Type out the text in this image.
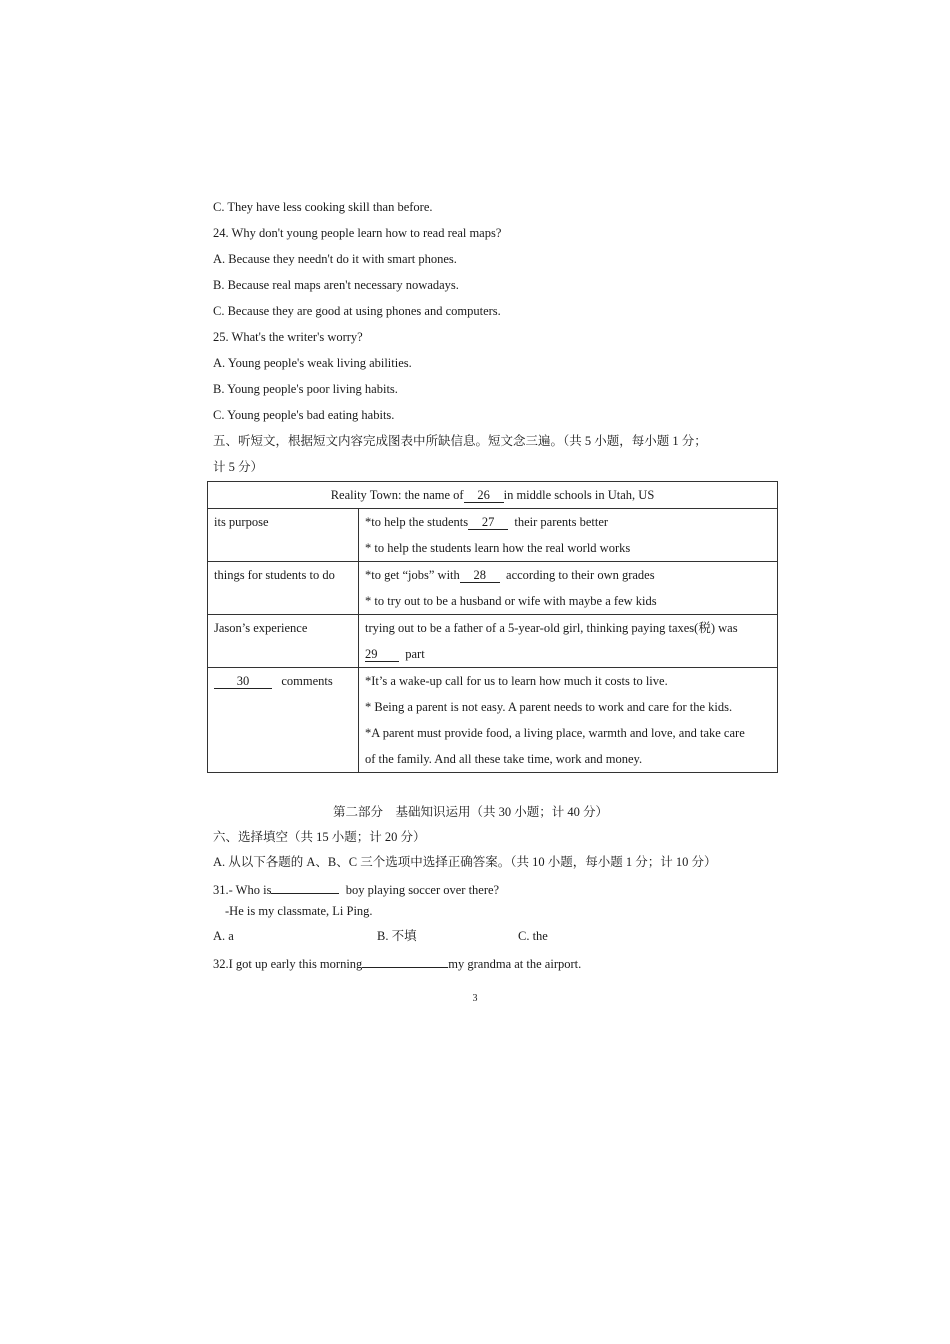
C. They have less cooking skill than before.
24. Why don't young people learn how to read real maps?
A. Because they needn't do it with smart phones.
B. Because real maps aren't necessary nowadays.
C. Because they are good at using phones and computers.
25. What's the writer's worry?
A. Young people's weak living abilities.
B. Young people's poor living habits.
C. Young people's bad eating habits.
五、听短文，根据短文内容完成图表中所缺信息。短文念三遍。（共 5 小题，每小题 1 分；
计 5 分）
Reality Town: the name of 26 in middle schools in Utah, US	
its purpose	*to help the students 27 their parents better
* to help the students learn how the real world works

things for students to do	*to get “jobs” with 28 according to their own grades
* to try out to be a husband or wife with maybe a few kids

Jason’s experience	trying out to be a father of a 5-year-old girl, thinking paying taxes(税) was
29 part

30 comments	*It’s a wake-up call for us to learn how much it costs to live.
* Being a parent is not easy. A parent needs to work and care for the kids.
*A parent must provide food, a living place, warmth and love, and take care
of the family. And all these take time, work and money.
第二部分　基础知识运用（共 30 小题；计 40 分）
六、选择填空（共 15 小题；计 20 分）
A. 从以下各题的 A、B、C 三个选项中选择正确答案。（共 10 小题，每小题 1 分；计 10 分）
31.- Who is	boy playing soccer over there?
-He is my classmate, Li Ping.
A. a	B. 不填	C. the
32.I got up early this morning	my grandma at the airport.
3
